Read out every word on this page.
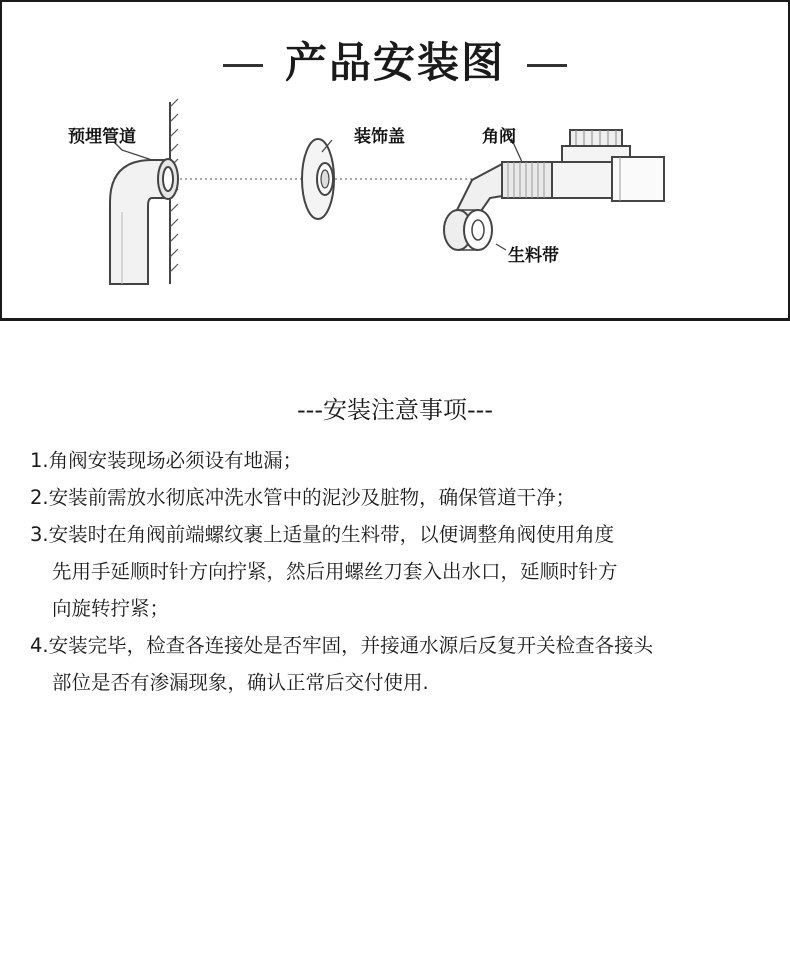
产品安装图
预埋管道	装饰盖	角阀
生料带
---安装注意事项---
1.角阀安装现场必须设有地漏；
2.安装前需放水彻底冲洗水管中的泥沙及脏物，确保管道干净；
3.安装时在角阀前端螺纹裹上适量的生料带，以便调整角阀使用角度
先用手延顺时针方向拧紧，然后用螺丝刀套入出水口，延顺时针方
向旋转拧紧；
4.安装完毕，检查各连接处是否牢固，并接通水源后反复开关检查各接头
部位是否有渗漏现象，确认正常后交付使用.
